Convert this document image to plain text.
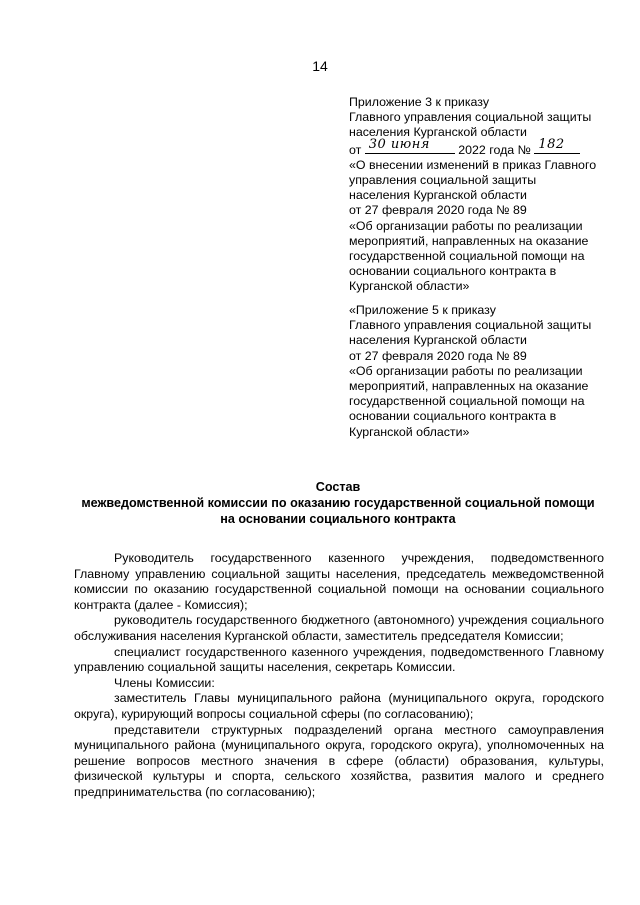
14
Приложение 3 к приказу
Главного управления социальной защиты
населения Курганской области
от 30 июня 2022 года № 182
«О внесении изменений в приказ Главного
управления социальной защиты
населения Курганской области
от 27 февраля 2020 года № 89
«Об организации работы по реализации
мероприятий, направленных на оказание
государственной социальной помощи на
основании социального контракта в
Курганской области»
«Приложение 5 к приказу
Главного управления социальной защиты
населения Курганской области
от 27 февраля 2020 года № 89
«Об организации работы по реализации
мероприятий, направленных на оказание
государственной социальной помощи на
основании социального контракта в
Курганской области»
Состав
межведомственной комиссии по оказанию государственной социальной помощи
на основании социального контракта

Руководитель государственного казенного учреждения, подведомственного Главному управлению социальной защиты населения, председатель межведомственной комиссии по оказанию государственной социальной помощи на основании социального контракта (далее - Комиссия);

руководитель государственного бюджетного (автономного) учреждения социального обслуживания населения Курганской области, заместитель председателя Комиссии;

специалист государственного казенного учреждения, подведомственного Главному управлению социальной защиты населения, секретарь Комиссии.

Члены Комиссии:

заместитель Главы муниципального района (муниципального округа, городского округа), курирующий вопросы социальной сферы (по согласованию);

представители структурных подразделений органа местного самоуправления муниципального района (муниципального округа, городского округа), уполномоченных на решение вопросов местного значения в сфере (области) образования, культуры, физической культуры и спорта, сельского хозяйства, развития малого и среднего предпринимательства (по согласованию);
